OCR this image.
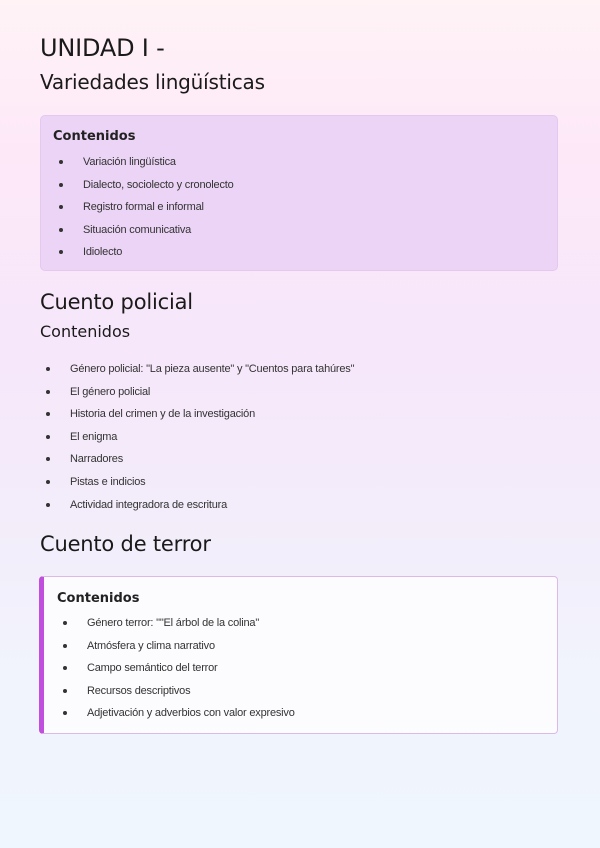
UNIDAD I -
Variedades lingüísticas
Contenidos
Variación lingüística
Dialecto, sociolecto y cronolecto
Registro formal e informal
Situación comunicativa
Idiolecto
Cuento policial
Contenidos
Género policial: "La pieza ausente" y "Cuentos para tahúres"
El género policial
Historia del crimen y de la investigación
El enigma
Narradores
Pistas e indicios
Actividad integradora de escritura
Cuento de terror
Contenidos
Género terror: ""El árbol de la colina"
Atmósfera y clima narrativo
Campo semántico del terror
Recursos descriptivos
Adjetivación y adverbios con valor expresivo
